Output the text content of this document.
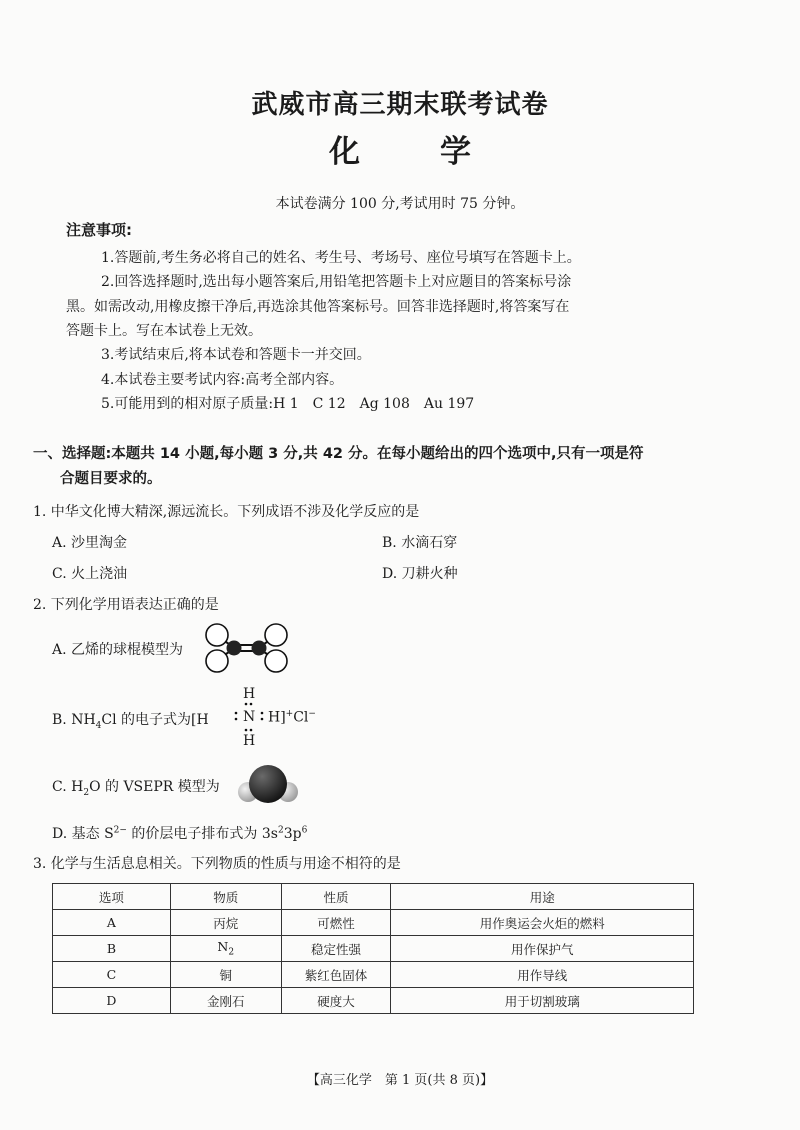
武威市高三期末联考试卷
化	学
本试卷满分 100 分,考试用时 75 分钟。
注意事项:
1.答题前,考生务必将自己的姓名、考生号、考场号、座位号填写在答题卡上。
2.回答选择题时,选出每小题答案后,用铅笔把答题卡上对应题目的答案标号涂
黑。如需改动,用橡皮擦干净后,再选涂其他答案标号。回答非选择题时,将答案写在
答题卡上。写在本试卷上无效。
3.考试结束后,将本试卷和答题卡一并交回。
4.本试卷主要考试内容:高考全部内容。
5.可能用到的相对原子质量:H 1　C 12　Ag 108　Au 197
一、选择题:本题共 14 小题,每小题 3 分,共 42 分。在每小题给出的四个选项中,只有一项是符
合题目要求的。
1. 中华文化博大精深,源远流长。下列成语不涉及化学反应的是
A. 沙里淘金	B. 水滴石穿
C. 火上浇油	D. 刀耕火种
2. 下列化学用语表达正确的是
A. 乙烯的球棍模型为
B. $NH_4Cl$ 的电子式为[H
H
H
N H]+Cl−
C. $H_2O$ 的 VSEPR 模型为
D. 基态 $S^{2-}$ 的价层电子排布式为 $3s^23p^6$
3. 化学与生活息息相关。下列物质的性质与用途不相符的是
选项	物质	性质	用途
A	丙烷	可燃性	用作奥运会火炬的燃料
B	$N_2$	稳定性强	用作保护气
C	铜	紫红色固体	用作导线
D	金刚石	硬度大	用于切割玻璃
【高三化学　第 1 页(共 8 页)】
